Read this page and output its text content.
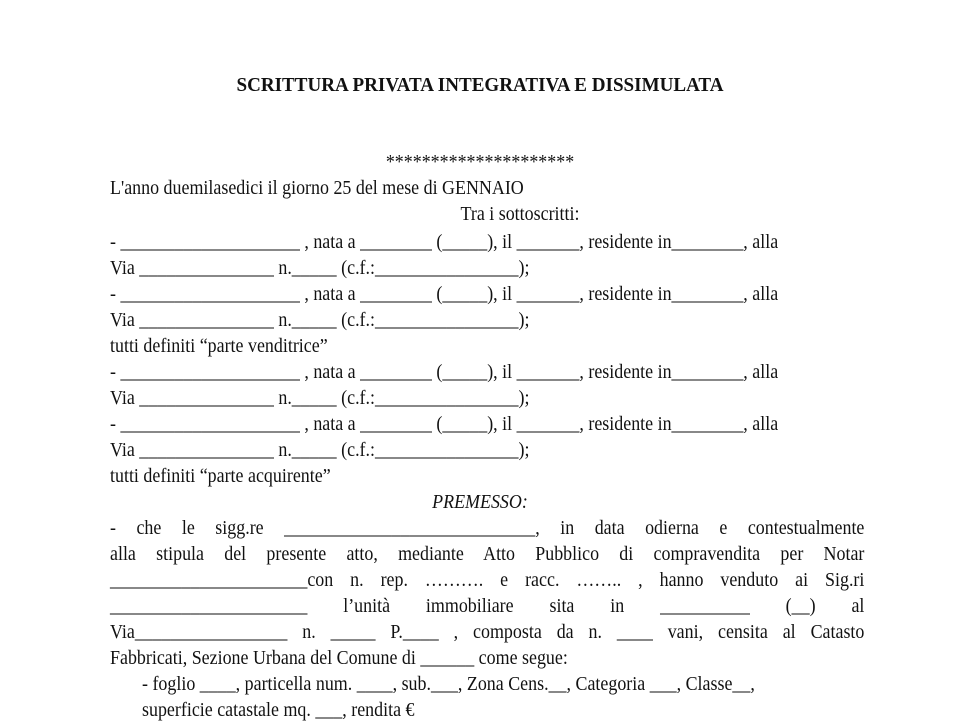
SCRITTURA PRIVATA INTEGRATIVA E DISSIMULATA
*********************
L'anno duemilasedici il giorno 25 del mese di GENNAIO
Tra i sottoscritti:
- ____________________ , nata a ________ (_____), il _______, residente in________, alla
Via _______________ n._____ (c.f.:________________);
- ____________________ , nata a ________ (_____), il _______, residente in________, alla
Via _______________ n._____ (c.f.:________________);
tutti definiti “parte venditrice”
- ____________________ , nata a ________ (_____), il _______, residente in________, alla
Via _______________ n._____ (c.f.:________________);
- ____________________ , nata a ________ (_____), il _______, residente in________, alla
Via _______________ n._____ (c.f.:________________);
tutti definiti “parte acquirente”
PREMESSO:
- che le sigg.re ____________________________, in data odierna e contestualmente
alla stipula del presente atto, mediante Atto Pubblico di compravendita per Notar
______________________con n. rep. ………. e racc. …….. , hanno venduto ai Sig.ri
______________________ l’unità immobiliare sita in __________ (__) al
Via_________________ n. _____ P.____ , composta da n. ____ vani, censita al Catasto
Fabbricati, Sezione Urbana del Comune di ______ come segue:
- foglio ____, particella num. ____, sub.___, Zona Cens.__, Categoria ___, Classe__,
superficie catastale mq. ___, rendita €
